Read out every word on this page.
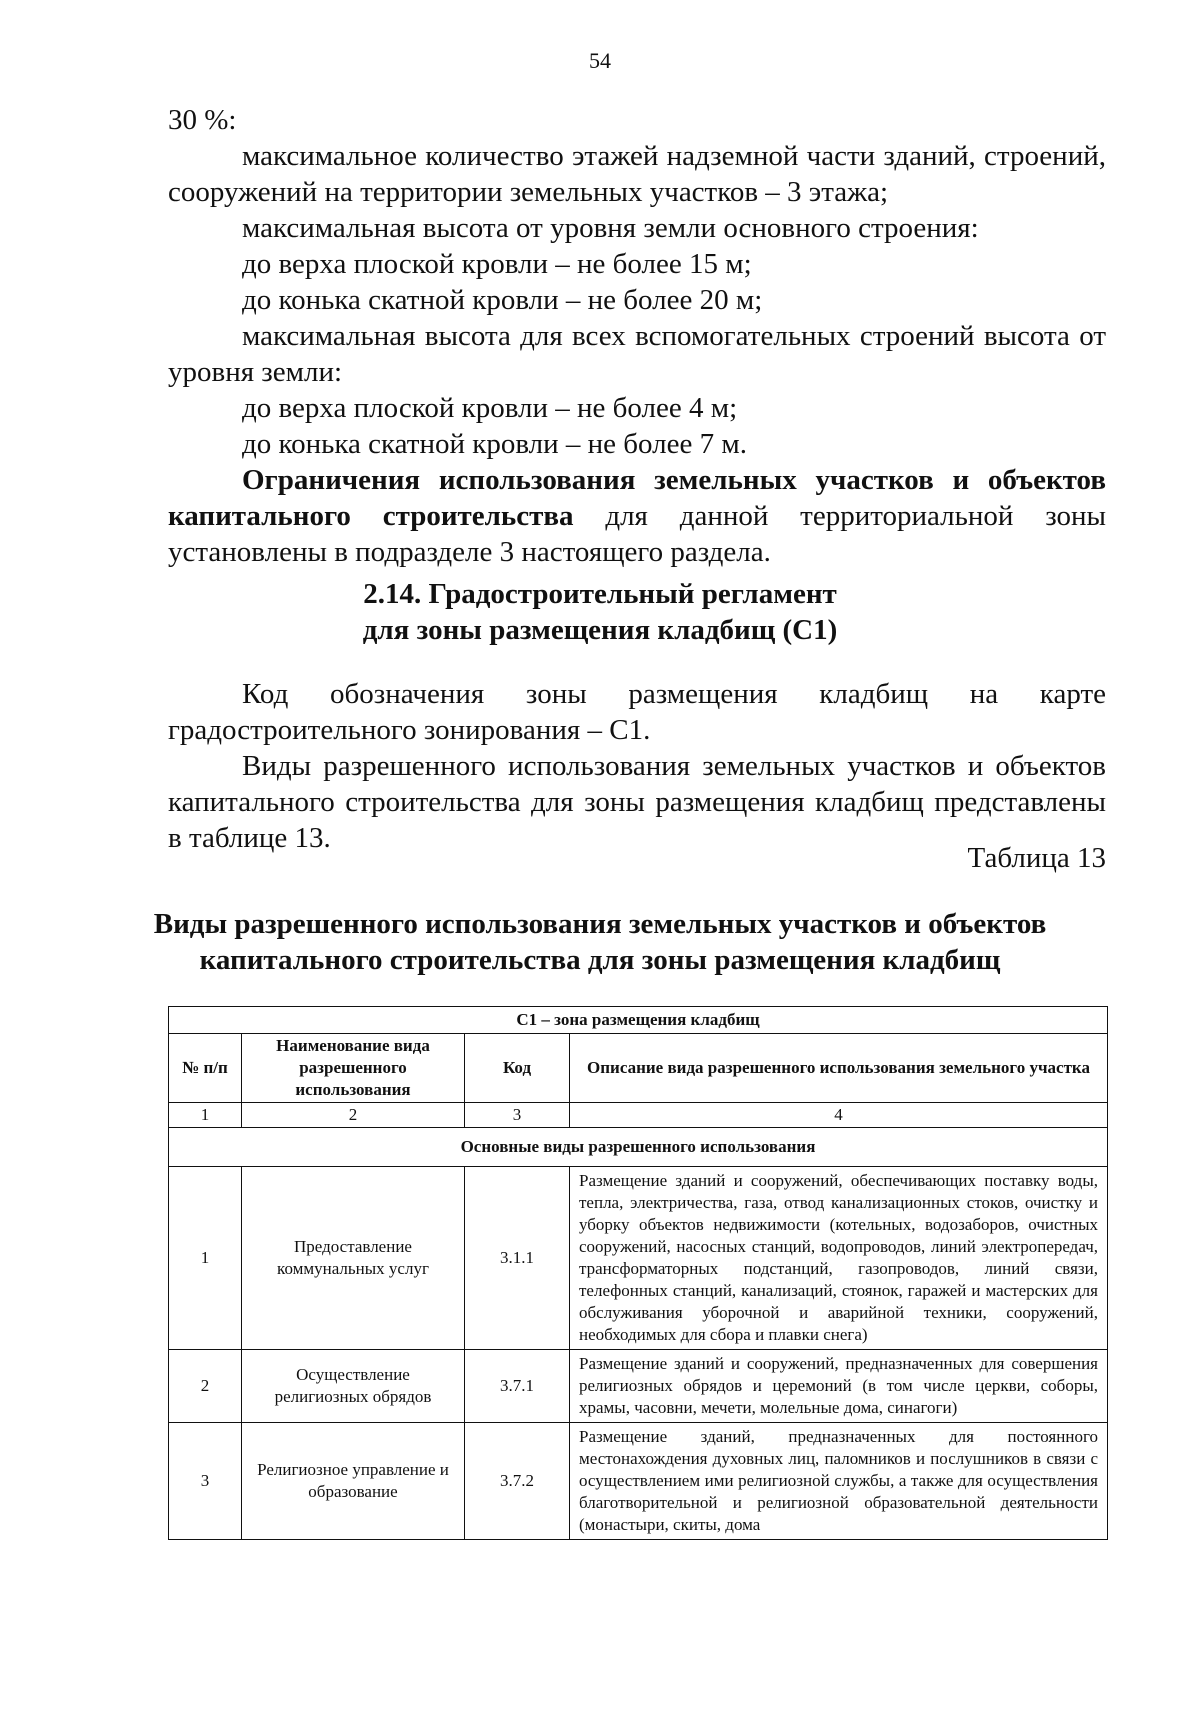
54

30 %:

максимальное количество этажей надземной части зданий, строений, сооружений на территории земельных участков – 3 этажа;

максимальная высота от уровня земли основного строения:

до верха плоской кровли – не более 15 м;

до конька скатной кровли – не более 20 м;

максимальная высота для всех вспомогательных строений высота от уровня земли:

до верха плоской кровли – не более 4 м;

до конька скатной кровли – не более 7 м.

Ограничения использования земельных участков и объектов капитального строительства для данной территориальной зоны установлены в подразделе 3 настоящего раздела.

2.14. Градостроительный регламент
для зоны размещения кладбищ (С1)

Код обозначения зоны размещения кладбищ на карте градостроительного зонирования – С1.

Виды разрешенного использования земельных участков и объектов капитального строительства для зоны размещения кладбищ представлены в таблице 13.

Таблица 13
Виды разрешенного использования земельных участков и объектов
капитального строительства для зоны размещения кладбищ
С1 – зона размещения кладбищ			
№ п/п	Наименование вида разрешенного использования	Код	Описание вида разрешенного использования земельного участка
1	2	3	4
Основные виды разрешенного использования			
1	Предоставление коммунальных услуг	3.1.1	Размещение зданий и сооружений, обеспечивающих поставку воды, тепла, электричества, газа, отвод канализационных стоков, очистку и уборку объектов недвижимости (котельных, водозаборов, очистных сооружений, насосных станций, водопроводов, линий электропередач, трансформаторных подстанций, газопроводов, линий связи, телефонных станций, канализаций, стоянок, гаражей и мастерских для обслуживания уборочной и аварийной техники, сооружений, необходимых для сбора и плавки снега)
2	Осуществление религиозных обрядов	3.7.1	Размещение зданий и сооружений, предназначенных для совершения религиозных обрядов и церемоний (в том числе церкви, соборы, храмы, часовни, мечети, молельные дома, синагоги)
3	Религиозное управление и образование	3.7.2	Размещение зданий, предназначенных для постоянного местонахождения духовных лиц, паломников и послушников в связи с осуществлением ими религиозной службы, а также для осуществления благотворительной и религиозной образовательной деятельности (монастыри, скиты, дома
